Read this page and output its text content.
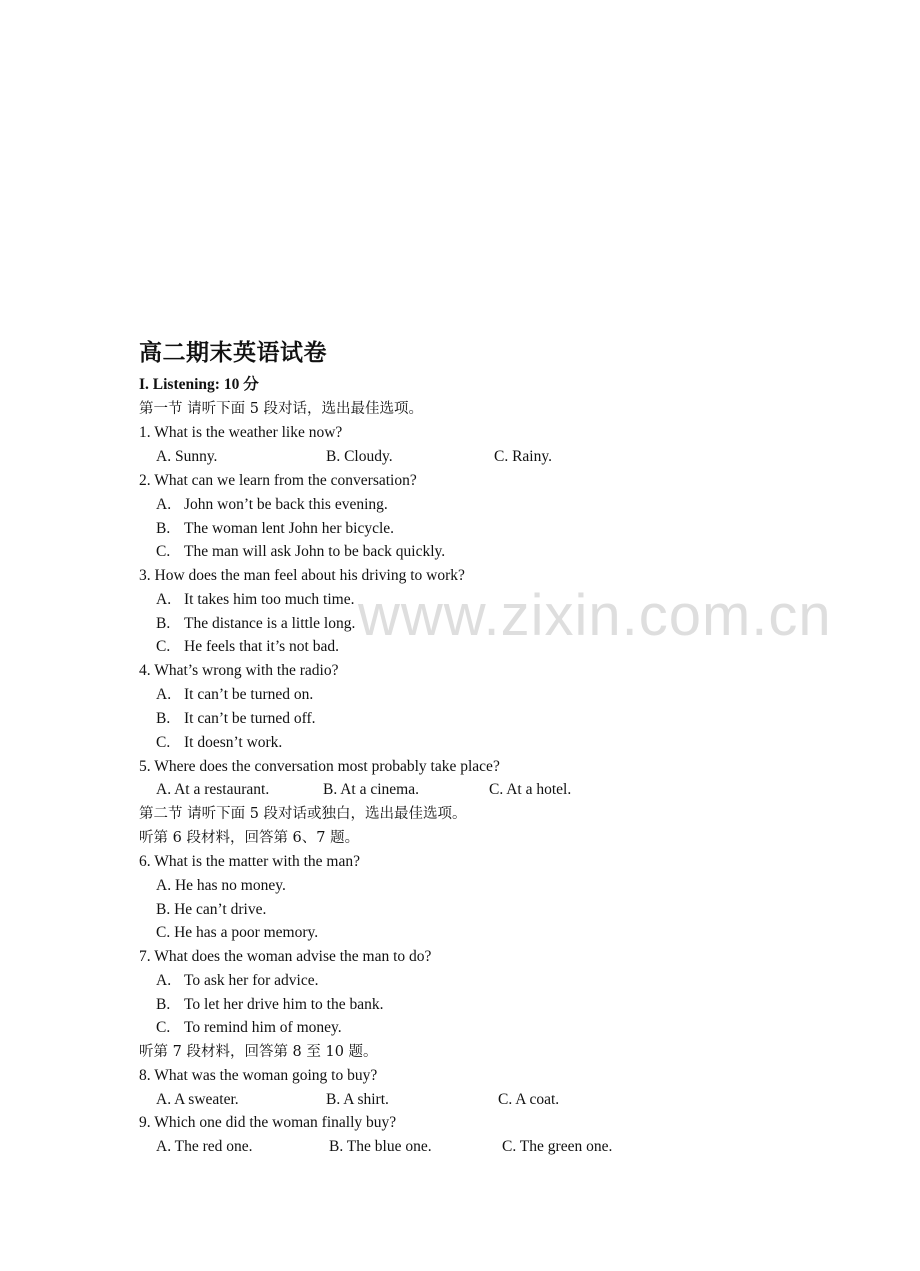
www.zixin.com.cn
高二期末英语试卷
I. Listening: 10 分
第一节 请听下面 5 段对话，选出最佳选项。
1. What is the weather like now?
A. Sunny.	B. Cloudy.	C. Rainy.
2. What can we learn from the conversation?
A. John won’t be back this evening.
B. The woman lent John her bicycle.
C. The man will ask John to be back quickly.
3. How does the man feel about his driving to work?
A. It takes him too much time.
B. The distance is a little long.
C. He feels that it’s not bad.
4. What’s wrong with the radio?
A. It can’t be turned on.
B. It can’t be turned off.
C. It doesn’t work.
5. Where does the conversation most probably take place?
A. At a restaurant.	B. At a cinema.	C. At a hotel.
第二节 请听下面 5 段对话或独白，选出最佳选项。
听第 6 段材料，回答第 6、7 题。
6. What is the matter with the man?
A. He has no money.
B. He can’t drive.
C. He has a poor memory.
7. What does the woman advise the man to do?
A. To ask her for advice.
B. To let her drive him to the bank.
C. To remind him of money.
听第 7 段材料，回答第 8 至 10 题。
8. What was the woman going to buy?
A. A sweater.	B. A shirt.	C. A coat.
9. Which one did the woman finally buy?
A. The red one.	B. The blue one.	C. The green one.
